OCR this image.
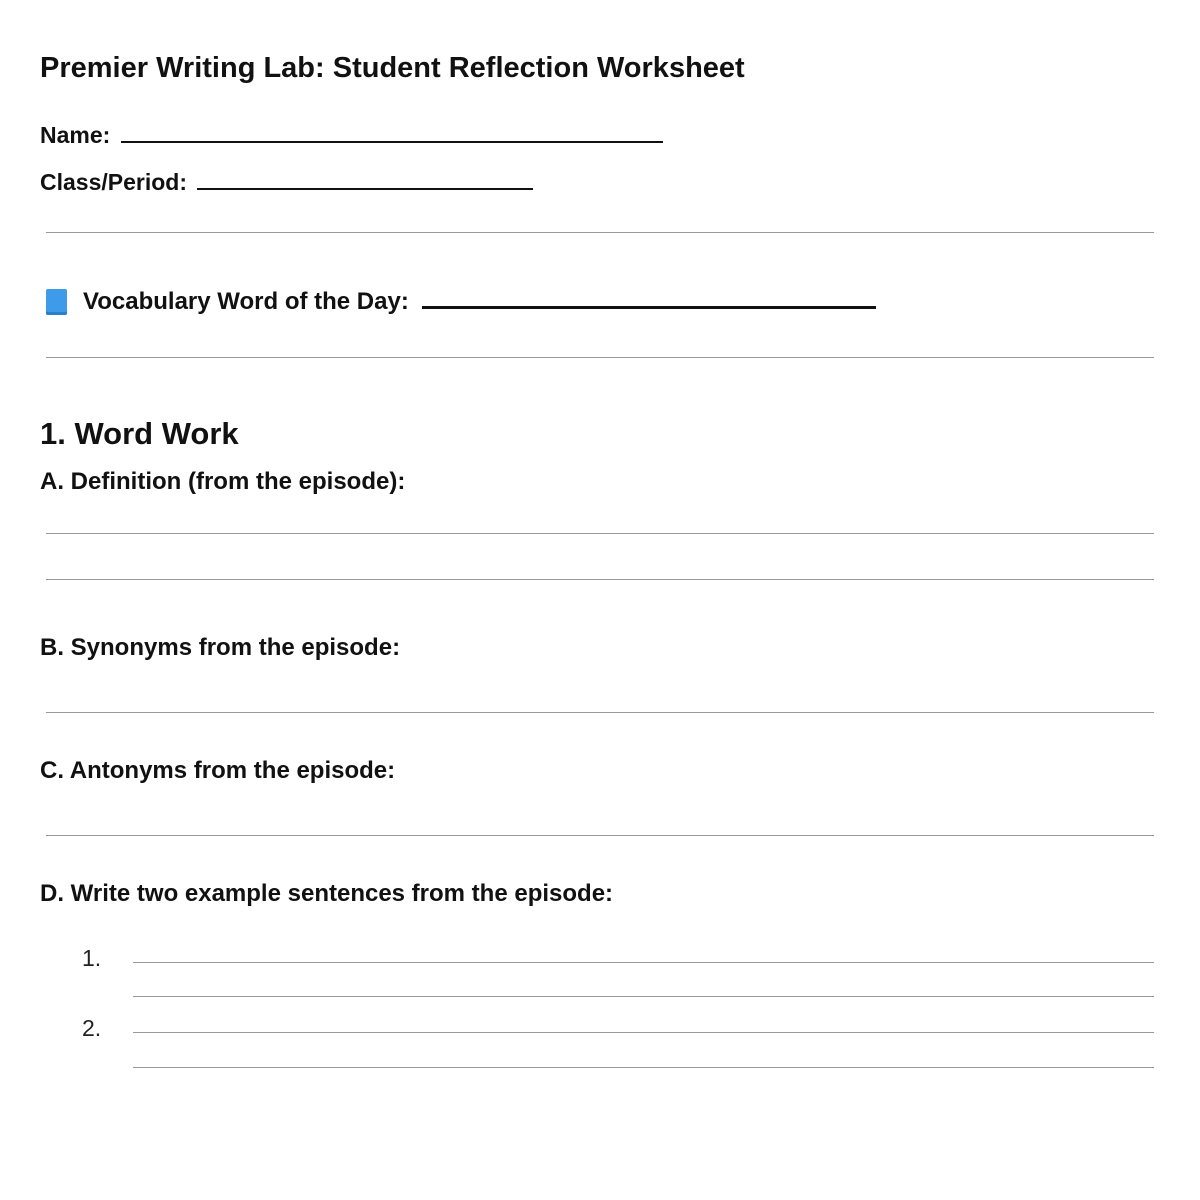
Premier Writing Lab: Student Reflection Worksheet
Name:
Class/Period:
Vocabulary Word of the Day:
1. Word Work
A. Definition (from the episode):
B. Synonyms from the episode:
C. Antonyms from the episode:
D. Write two example sentences from the episode:
1.
2.
